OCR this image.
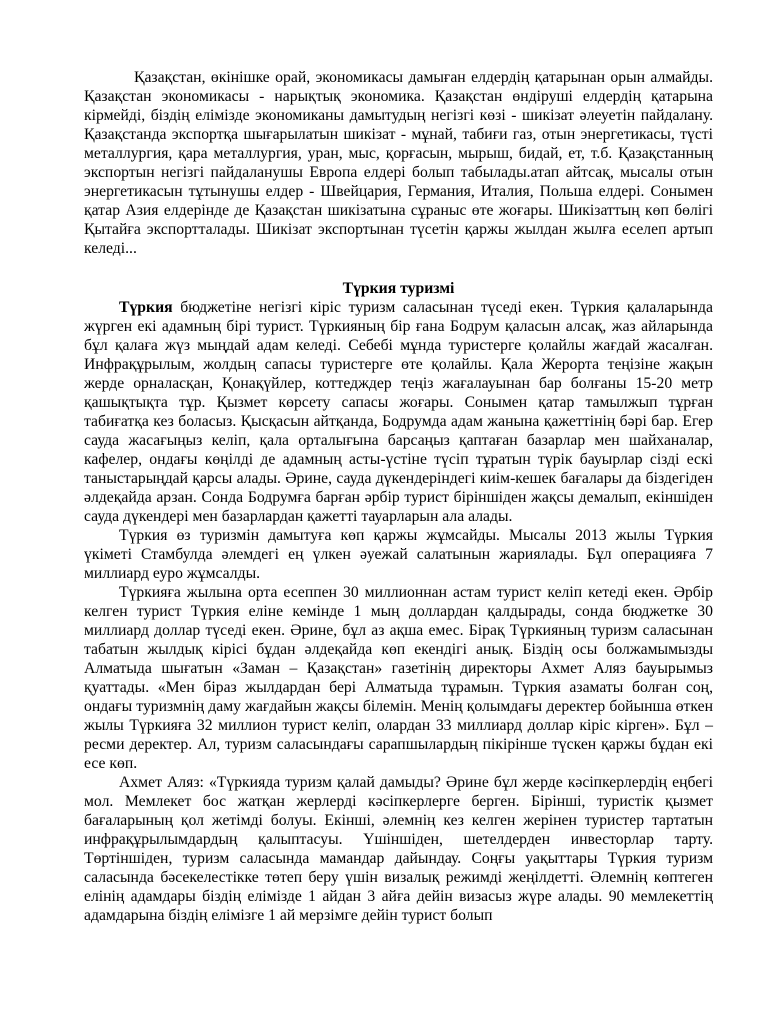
Қазақстан, өкінішке орай, экономикасы дамыған елдердің қатарынан орын алмайды. Қазақстан экономикасы - нарықтық экономика. Қазақстан өндіруші елдердің қатарына кірмейді, біздің елімізде экономиканы дамытудың негізгі көзі - шикізат әлеуетін пайдалану. Қазақстанда экспортқа шығарылатын шикізат - мұнай, табиғи газ, отын энергетикасы, түсті металлургия, қара металлургия, уран, мыс, қорғасын, мырыш, бидай, ет, т.б. Қазақстанның экспортын негізгі пайдаланушы Европа елдері болып табылады.атап айтсақ, мысалы отын энергетикасын тұтынушы елдер - Швейцария, Германия, Италия, Польша елдері. Сонымен қатар Азия елдерінде де Қазақстан шикізатына сұраныс өте жоғары. Шикізаттың көп бөлігі Қытайға экспортталады. Шикізат экспортынан түсетін қаржы жылдан жылға еселеп артып келеді...

Түркия туризмі

Түркия бюджетіне негізгі кіріс туризм саласынан түседі екен. Түркия қалаларында жүрген екі адамның бірі турист. Түркияның бір ғана Бодрум қаласын алсақ, жаз айларында бұл қалаға жүз мыңдай адам келеді. Себебі мұнда туристерге қолайлы жағдай жасалған. Инфрақұрылым, жолдың сапасы туристерге өте қолайлы. Қала Жерорта теңізіне жақын жерде орналасқан, Қонақүйлер, коттедждер теңіз жағалауынан бар болғаны 15-20 метр қашықтықта тұр. Қызмет көрсету сапасы жоғары. Сонымен қатар тамылжып тұрған табиғатқа кез боласыз. Қысқасын айтқанда, Бодрумда адам жанына қажеттінің бәрі бар. Егер сауда жасағыңыз келіп, қала орталығына барсаңыз қаптаған базарлар мен шайханалар, кафелер, ондағы көңілді де адамның асты-үстіне түсіп тұратын түрік бауырлар сізді ескі таныстарыңдай қарсы алады. Әрине, сауда дүкендеріндегі киім-кешек бағалары да біздегіден әлдеқайда арзан. Сонда Бодрумға барған әрбір турист біріншіден жақсы демалып, екіншіден сауда дүкендері мен базарлардан қажетті тауарларын ала алады.

Түркия өз туризмін дамытуға көп қаржы жұмсайды. Мысалы 2013 жылы Түркия үкіметі Стамбулда әлемдегі ең үлкен әуежай салатынын жариялады. Бұл операцияға 7 миллиард еуро жұмсалды.

Түркияға жылына орта есеппен 30 миллионнан астам турист келіп кетеді екен. Әрбір келген турист Түркия еліне кемінде 1 мың доллардан қалдырады, сонда бюджетке 30 миллиард доллар түседі екен. Әрине, бұл аз ақша емес. Бірақ Түркияның туризм саласынан табатын жылдық кірісі бұдан әлдеқайда көп екендігі анық. Біздің осы болжамымызды Алматыда шығатын «Заман – Қазақстан» газетінің директоры Ахмет Аляз бауырымыз қуаттады. «Мен біраз жылдардан бері Алматыда тұрамын. Түркия азаматы болған соң, ондағы туризмнің даму жағдайын жақсы білемін. Менің қолымдағы деректер бойынша өткен жылы Түркияға 32 миллион турист келіп, олардан 33 миллиард доллар кіріс кірген». Бұл – ресми деректер. Ал, туризм саласындағы сарапшылардың пікірінше түскен қаржы бұдан екі есе көп.

Ахмет Аляз: «Түркияда туризм қалай дамыды? Әрине бұл жерде кәсіпкерлердің еңбегі мол. Мемлекет бос жатқан жерлерді кәсіпкерлерге берген. Бірінші, туристік қызмет бағаларының қол жетімді болуы. Екінші, әлемнің кез келген жерінен туристер тартатын инфрақұрылымдардың қалыптасуы. Үшіншіден, шетелдерден инвесторлар тарту. Төртіншіден, туризм саласында мамандар дайындау. Соңғы уақыттары Түркия туризм саласында бәсекелестікке төтеп беру үшін визалық режимді жеңілдетті. Әлемнің көптеген елінің адамдары біздің елімізде 1 айдан 3 айға дейін визасыз жүре алады. 90 мемлекеттің адамдарына біздің елімізге 1 ай мерзімге дейін турист болып
